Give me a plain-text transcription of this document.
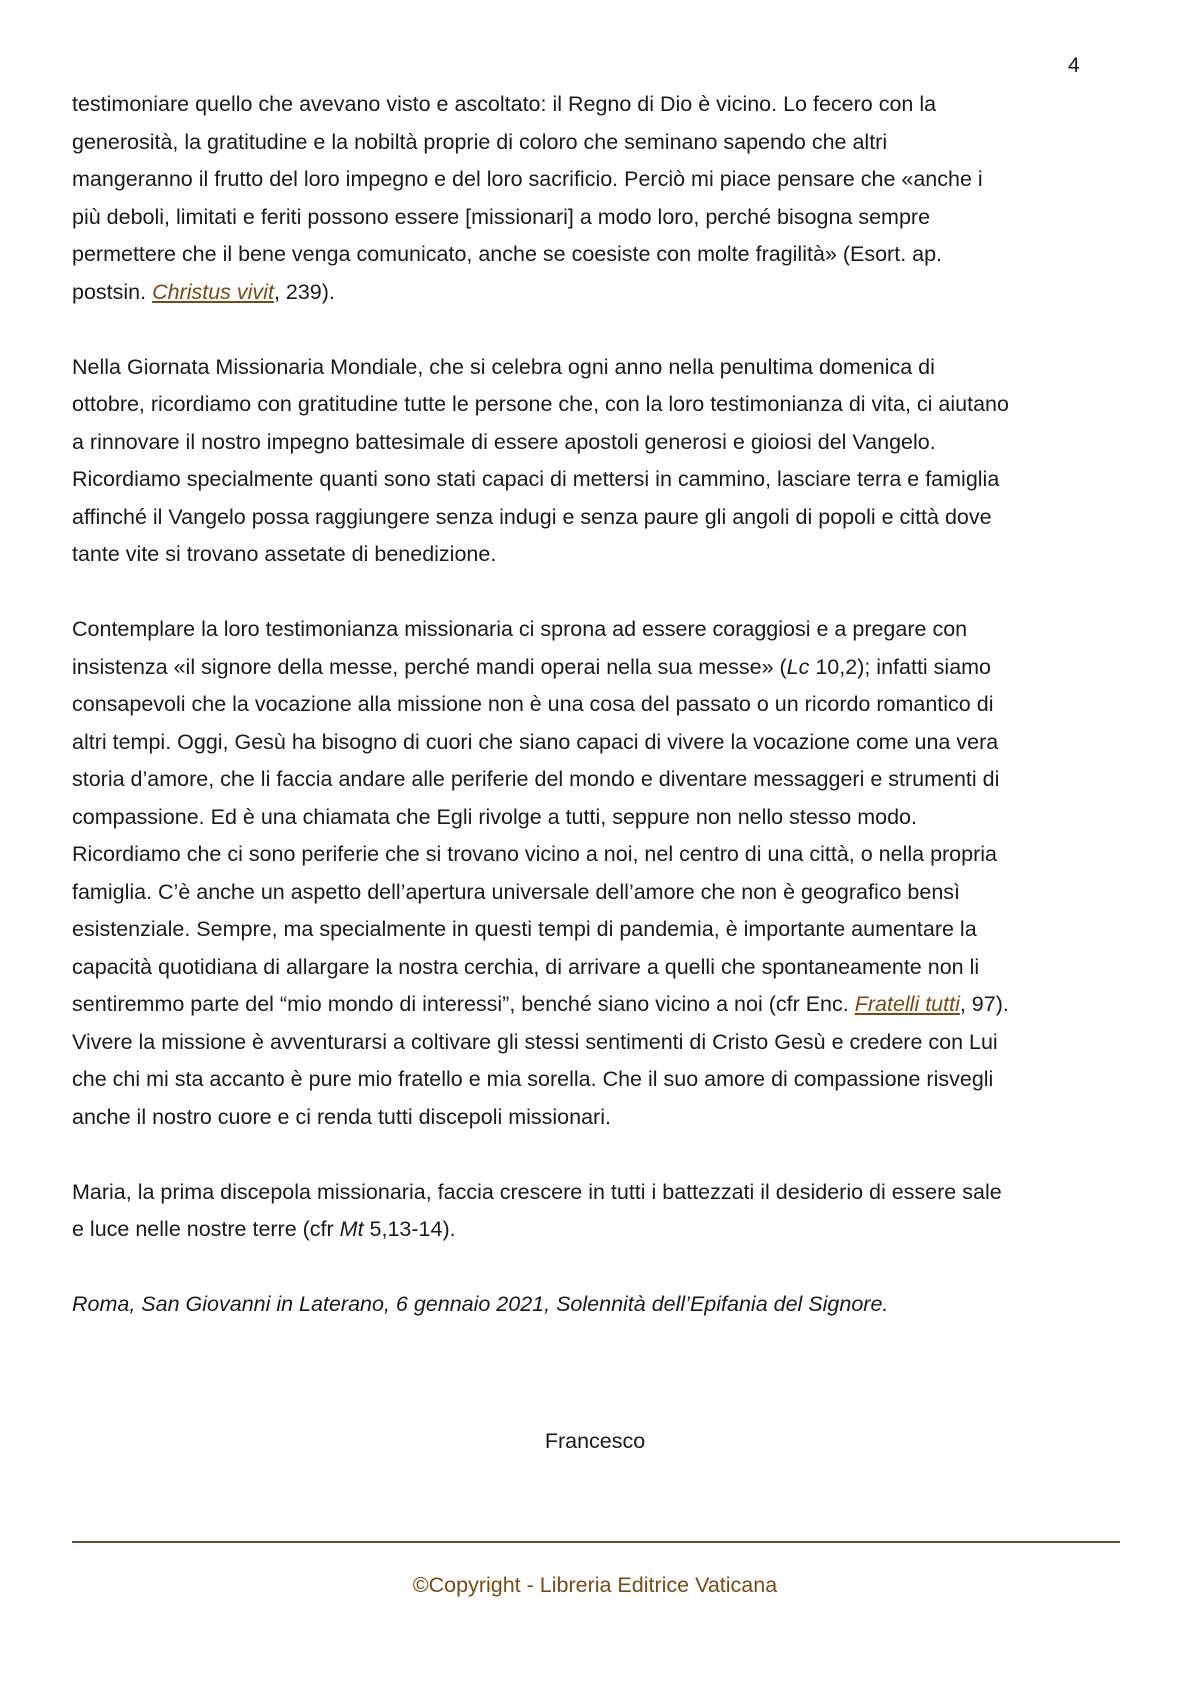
4

testimoniare quello che avevano visto e ascoltato: il Regno di Dio è vicino. Lo fecero con la
generosità, la gratitudine e la nobiltà proprie di coloro che seminano sapendo che altri
mangeranno il frutto del loro impegno e del loro sacrificio. Perciò mi piace pensare che «anche i
più deboli, limitati e feriti possono essere [missionari] a modo loro, perché bisogna sempre
permettere che il bene venga comunicato, anche se coesiste con molte fragilità» (Esort. ap.
postsin. Christus vivit, 239).

Nella Giornata Missionaria Mondiale, che si celebra ogni anno nella penultima domenica di
ottobre, ricordiamo con gratitudine tutte le persone che, con la loro testimonianza di vita, ci aiutano
a rinnovare il nostro impegno battesimale di essere apostoli generosi e gioiosi del Vangelo.
Ricordiamo specialmente quanti sono stati capaci di mettersi in cammino, lasciare terra e famiglia
affinché il Vangelo possa raggiungere senza indugi e senza paure gli angoli di popoli e città dove
tante vite si trovano assetate di benedizione.

Contemplare la loro testimonianza missionaria ci sprona ad essere coraggiosi e a pregare con
insistenza «il signore della messe, perché mandi operai nella sua messe» (Lc 10,2); infatti siamo
consapevoli che la vocazione alla missione non è una cosa del passato o un ricordo romantico di
altri tempi. Oggi, Gesù ha bisogno di cuori che siano capaci di vivere la vocazione come una vera
storia d’amore, che li faccia andare alle periferie del mondo e diventare messaggeri e strumenti di
compassione. Ed è una chiamata che Egli rivolge a tutti, seppure non nello stesso modo.
Ricordiamo che ci sono periferie che si trovano vicino a noi, nel centro di una città, o nella propria
famiglia. C’è anche un aspetto dell’apertura universale dell’amore che non è geografico bensì
esistenziale. Sempre, ma specialmente in questi tempi di pandemia, è importante aumentare la
capacità quotidiana di allargare la nostra cerchia, di arrivare a quelli che spontaneamente non li
sentiremmo parte del “mio mondo di interessi”, benché siano vicino a noi (cfr Enc. Fratelli tutti, 97).
Vivere la missione è avventurarsi a coltivare gli stessi sentimenti di Cristo Gesù e credere con Lui
che chi mi sta accanto è pure mio fratello e mia sorella. Che il suo amore di compassione risvegli
anche il nostro cuore e ci renda tutti discepoli missionari.

Maria, la prima discepola missionaria, faccia crescere in tutti i battezzati il desiderio di essere sale
e luce nelle nostre terre (cfr Mt 5,13-14).

Roma, San Giovanni in Laterano, 6 gennaio 2021, Solennità dell’Epifania del Signore.

Francesco
©Copyright - Libreria Editrice Vaticana
